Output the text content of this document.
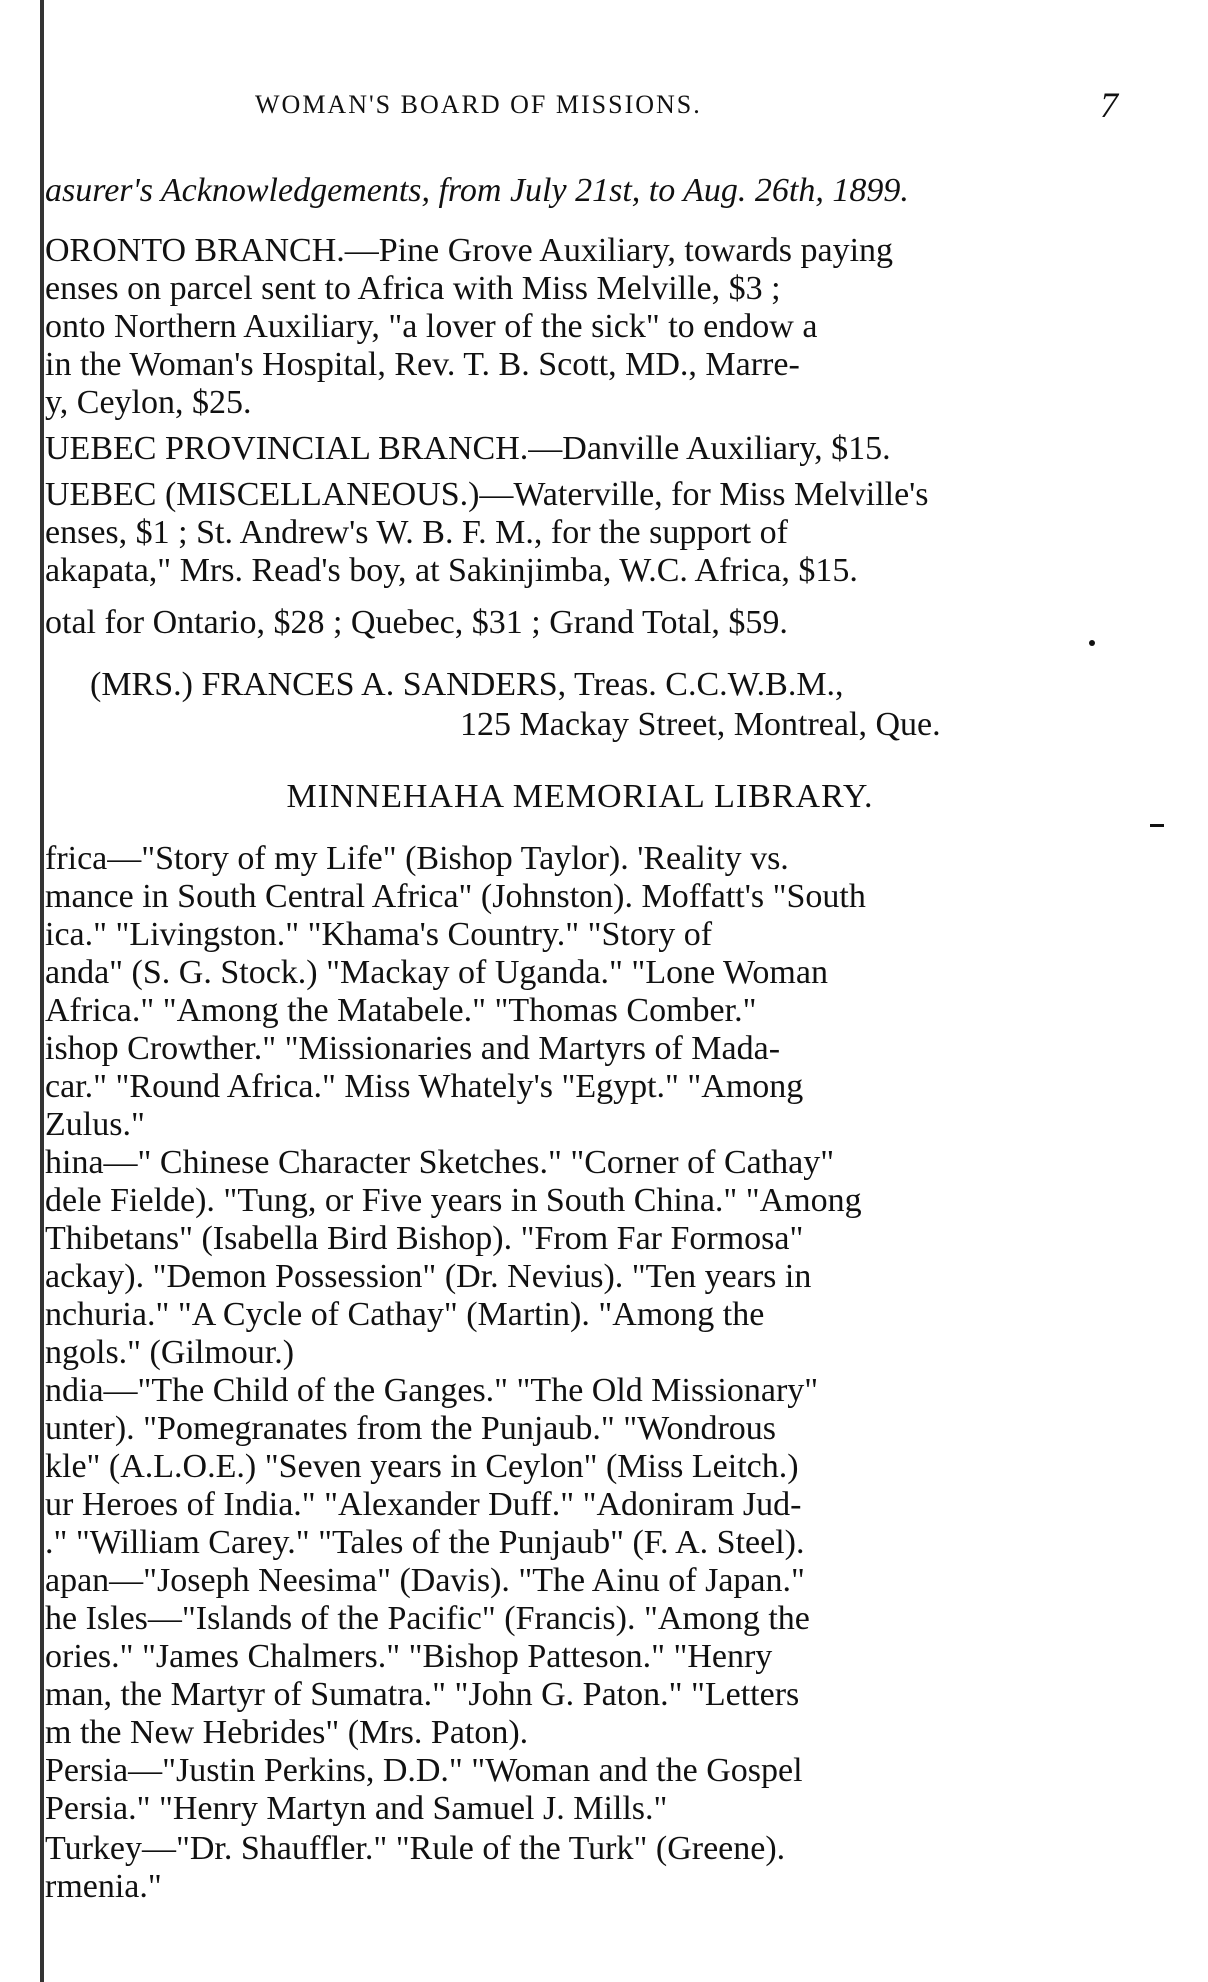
WOMAN'S BOARD OF MISSIONS.	7
asurer's Acknowledgements, from July 21st, to Aug. 26th, 1899.
ORONTO BRANCH.—Pine Grove Auxiliary, towards paying
enses on parcel sent to Africa with Miss Melville, $3 ;
onto Northern Auxiliary, "a lover of the sick" to endow a
in the Woman's Hospital, Rev. T. B. Scott, MD., Marre-
y, Ceylon, $25.
UEBEC PROVINCIAL BRANCH.—Danville Auxiliary, $15.
UEBEC (MISCELLANEOUS.)—Waterville, for Miss Melville's
enses, $1 ; St. Andrew's W. B. F. M., for the support of
akapata," Mrs. Read's boy, at Sakinjimba, W.C. Africa, $15.
otal for Ontario, $28 ; Quebec, $31 ; Grand Total, $59.
(MRS.) FRANCES A. SANDERS, Treas. C.C.W.B.M.,
125 Mackay Street, Montreal, Que.
MINNEHAHA MEMORIAL LIBRARY.
frica—"Story of my Life" (Bishop Taylor). 'Reality vs.
mance in South Central Africa" (Johnston). Moffatt's "South
ica." "Livingston." "Khama's Country." "Story of
anda" (S. G. Stock.) "Mackay of Uganda." "Lone Woman
Africa." "Among the Matabele." "Thomas Comber."
ishop Crowther." "Missionaries and Martyrs of Mada-
car." "Round Africa." Miss Whately's "Egypt." "Among
Zulus."
hina—" Chinese Character Sketches." "Corner of Cathay"
dele Fielde). "Tung, or Five years in South China." "Among
Thibetans" (Isabella Bird Bishop). "From Far Formosa"
ackay). "Demon Possession" (Dr. Nevius). "Ten years in
nchuria." "A Cycle of Cathay" (Martin). "Among the
ngols." (Gilmour.)
ndia—"The Child of the Ganges." "The Old Missionary"
unter). "Pomegranates from the Punjaub." "Wondrous
kle" (A.L.O.E.) "Seven years in Ceylon" (Miss Leitch.)
ur Heroes of India." "Alexander Duff." "Adoniram Jud-
." "William Carey." "Tales of the Punjaub" (F. A. Steel).
apan—"Joseph Neesima" (Davis). "The Ainu of Japan."
he Isles—"Islands of the Pacific" (Francis). "Among the
ories." "James Chalmers." "Bishop Patteson." "Henry
man, the Martyr of Sumatra." "John G. Paton." "Letters
m the New Hebrides" (Mrs. Paton).
Persia—"Justin Perkins, D.D." "Woman and the Gospel
Persia." "Henry Martyn and Samuel J. Mills."
Turkey—"Dr. Shauffler." "Rule of the Turk" (Greene).
rmenia."
